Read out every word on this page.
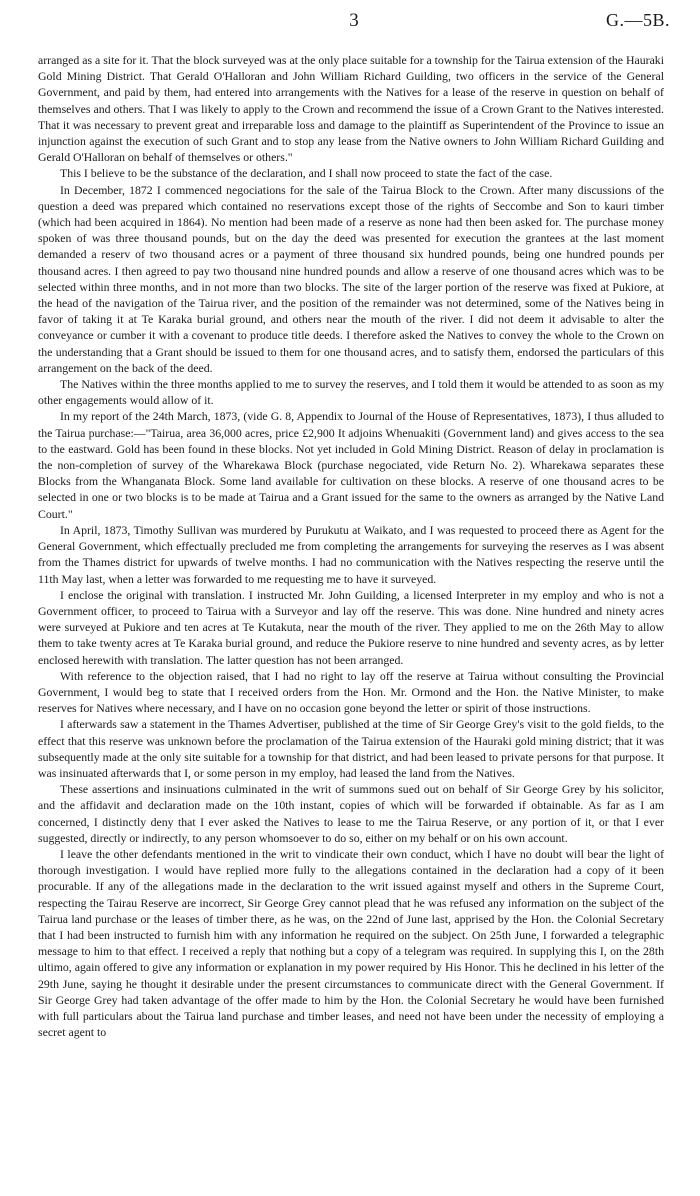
3	G.—5B.

arranged as a site for it. That the block surveyed was at the only place suitable for a township for the Tairua extension of the Hauraki Gold Mining District. That Gerald O'Halloran and John William Richard Guilding, two officers in the service of the General Government, and paid by them, had entered into arrangements with the Natives for a lease of the reserve in question on behalf of themselves and others. That I was likely to apply to the Crown and recommend the issue of a Crown Grant to the Natives interested. That it was necessary to prevent great and irreparable loss and damage to the plaintiff as Superintendent of the Province to issue an injunction against the execution of such Grant and to stop any lease from the Native owners to John William Richard Guilding and Gerald O'Halloran on behalf of themselves or others."

This I believe to be the substance of the declaration, and I shall now proceed to state the fact of the case.

In December, 1872 I commenced negociations for the sale of the Tairua Block to the Crown. After many discussions of the question a deed was prepared which contained no reservations except those of the rights of Seccombe and Son to kauri timber (which had been acquired in 1864). No mention had been made of a reserve as none had then been asked for. The purchase money spoken of was three thousand pounds, but on the day the deed was presented for execution the grantees at the last moment demanded a reserv of two thousand acres or a payment of three thousand six hundred pounds, being one hundred pounds per thousand acres. I then agreed to pay two thousand nine hundred pounds and allow a reserve of one thousand acres which was to be selected within three months, and in not more than two blocks. The site of the larger portion of the reserve was fixed at Pukiore, at the head of the navigation of the Tairua river, and the position of the remainder was not determined, some of the Natives being in favor of taking it at Te Karaka burial ground, and others near the mouth of the river. I did not deem it advisable to alter the conveyance or cumber it with a covenant to produce title deeds. I therefore asked the Natives to convey the whole to the Crown on the understanding that a Grant should be issued to them for one thousand acres, and to satisfy them, endorsed the particulars of this arrangement on the back of the deed.

The Natives within the three months applied to me to survey the reserves, and I told them it would be attended to as soon as my other engagements would allow of it.

In my report of the 24th March, 1873, (vide G. 8, Appendix to Journal of the House of Representatives, 1873), I thus alluded to the Tairua purchase:—"Tairua, area 36,000 acres, price £2,900 It adjoins Whenuakiti (Government land) and gives access to the sea to the eastward. Gold has been found in these blocks. Not yet included in Gold Mining District. Reason of delay in proclamation is the non-completion of survey of the Wharekawa Block (purchase negociated, vide Return No. 2). Wharekawa separates these Blocks from the Whanganata Block. Some land available for cultivation on these blocks. A reserve of one thousand acres to be selected in one or two blocks is to be made at Tairua and a Grant issued for the same to the owners as arranged by the Native Land Court."

In April, 1873, Timothy Sullivan was murdered by Purukutu at Waikato, and I was requested to proceed there as Agent for the General Government, which effectually precluded me from completing the arrangements for surveying the reserves as I was absent from the Thames district for upwards of twelve months. I had no communication with the Natives respecting the reserve until the 11th May last, when a letter was forwarded to me requesting me to have it surveyed.

I enclose the original with translation. I instructed Mr. John Guilding, a licensed Interpreter in my employ and who is not a Government officer, to proceed to Tairua with a Surveyor and lay off the reserve. This was done. Nine hundred and ninety acres were surveyed at Pukiore and ten acres at Te Kutakuta, near the mouth of the river. They applied to me on the 26th May to allow them to take twenty acres at Te Karaka burial ground, and reduce the Pukiore reserve to nine hundred and seventy acres, as by letter enclosed herewith with translation. The latter question has not been arranged.

With reference to the objection raised, that I had no right to lay off the reserve at Tairua without consulting the Provincial Government, I would beg to state that I received orders from the Hon. Mr. Ormond and the Hon. the Native Minister, to make reserves for Natives where necessary, and I have on no occasion gone beyond the letter or spirit of those instructions.

I afterwards saw a statement in the Thames Advertiser, published at the time of Sir George Grey's visit to the gold fields, to the effect that this reserve was unknown before the proclamation of the Tairua extension of the Hauraki gold mining district; that it was subsequently made at the only site suitable for a township for that district, and had been leased to private persons for that purpose. It was insinuated afterwards that I, or some person in my employ, had leased the land from the Natives.

These assertions and insinuations culminated in the writ of summons sued out on behalf of Sir George Grey by his solicitor, and the affidavit and declaration made on the 10th instant, copies of which will be forwarded if obtainable. As far as I am concerned, I distinctly deny that I ever asked the Natives to lease to me the Tairua Reserve, or any portion of it, or that I ever suggested, directly or indirectly, to any person whomsoever to do so, either on my behalf or on his own account.

I leave the other defendants mentioned in the writ to vindicate their own conduct, which I have no doubt will bear the light of thorough investigation. I would have replied more fully to the allegations contained in the declaration had a copy of it been procurable. If any of the allegations made in the declaration to the writ issued against myself and others in the Supreme Court, respecting the Tairau Reserve are incorrect, Sir George Grey cannot plead that he was refused any information on the subject of the Tairua land purchase or the leases of timber there, as he was, on the 22nd of June last, apprised by the Hon. the Colonial Secretary that I had been instructed to furnish him with any information he required on the subject. On 25th June, I forwarded a telegraphic message to him to that effect. I received a reply that nothing but a copy of a telegram was required. In supplying this I, on the 28th ultimo, again offered to give any information or explanation in my power required by His Honor. This he declined in his letter of the 29th June, saying he thought it desirable under the present circumstances to communicate direct with the General Government. If Sir George Grey had taken advantage of the offer made to him by the Hon. the Colonial Secretary he would have been furnished with full particulars about the Tairua land purchase and timber leases, and need not have been under the necessity of employing a secret agent to
